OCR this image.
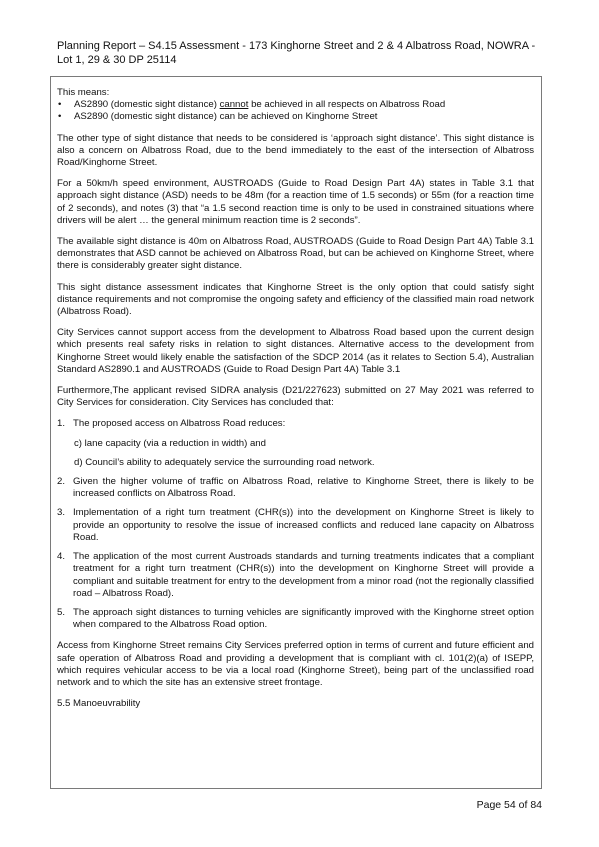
Planning Report – S4.15 Assessment - 173 Kinghorne Street and 2 & 4 Albatross Road, NOWRA -
Lot 1, 29 & 30 DP 25114

This means:

• AS2890 (domestic sight distance) cannot be achieved in all respects on Albatross Road
• AS2890 (domestic sight distance) can be achieved on Kinghorne Street

The other type of sight distance that needs to be considered is ‘approach sight distance’. This sight distance is also a concern on Albatross Road, due to the bend immediately to the east of the intersection of Albatross Road/Kinghorne Street.

For a 50km/h speed environment, AUSTROADS (Guide to Road Design Part 4A) states in Table 3.1 that approach sight distance (ASD) needs to be 48m (for a reaction time of 1.5 seconds) or 55m (for a reaction time of 2 seconds), and notes (3) that “a 1.5 second reaction time is only to be used in constrained situations where drivers will be alert … the general minimum reaction time is 2 seconds”.

The available sight distance is 40m on Albatross Road, AUSTROADS (Guide to Road Design Part 4A) Table 3.1 demonstrates that ASD cannot be achieved on Albatross Road, but can be achieved on Kinghorne Street, where there is considerably greater sight distance.

This sight distance assessment indicates that Kinghorne Street is the only option that could satisfy sight distance requirements and not compromise the ongoing safety and efficiency of the classified main road network (Albatross Road).

City Services cannot support access from the development to Albatross Road based upon the current design which presents real safety risks in relation to sight distances. Alternative access to the development from Kinghorne Street would likely enable the satisfaction of the SDCP 2014 (as it relates to Section 5.4), Australian Standard AS2890.1 and AUSTROADS (Guide to Road Design Part 4A) Table 3.1

Furthermore,The applicant revised SIDRA analysis (D21/227623) submitted on 27 May 2021 was referred to City Services for consideration. City Services has concluded that:

1. The proposed access on Albatross Road reduces:
c) lane capacity (via a reduction in width) and
d) Council’s ability to adequately service the surrounding road network.
2. Given the higher volume of traffic on Albatross Road, relative to Kinghorne Street, there is likely to be increased conflicts on Albatross Road.
3. Implementation of a right turn treatment (CHR(s)) into the development on Kinghorne Street is likely to provide an opportunity to resolve the issue of increased conflicts and reduced lane capacity on Albatross Road.
4. The application of the most current Austroads standards and turning treatments indicates that a compliant treatment for a right turn treatment (CHR(s)) into the development on Kinghorne Street will provide a compliant and suitable treatment for entry to the development from a minor road (not the regionally classified road – Albatross Road).
5. The approach sight distances to turning vehicles are significantly improved with the Kinghorne street option when compared to the Albatross Road option.

Access from Kinghorne Street remains City Services preferred option in terms of current and future efficient and safe operation of Albatross Road and providing a development that is compliant with cl. 101(2)(a) of ISEPP, which requires vehicular access to be via a local road (Kinghorne Street), being part of the unclassified road network and to which the site has an extensive street frontage.

5.5 Manoeuvrability

Page 54 of 84
